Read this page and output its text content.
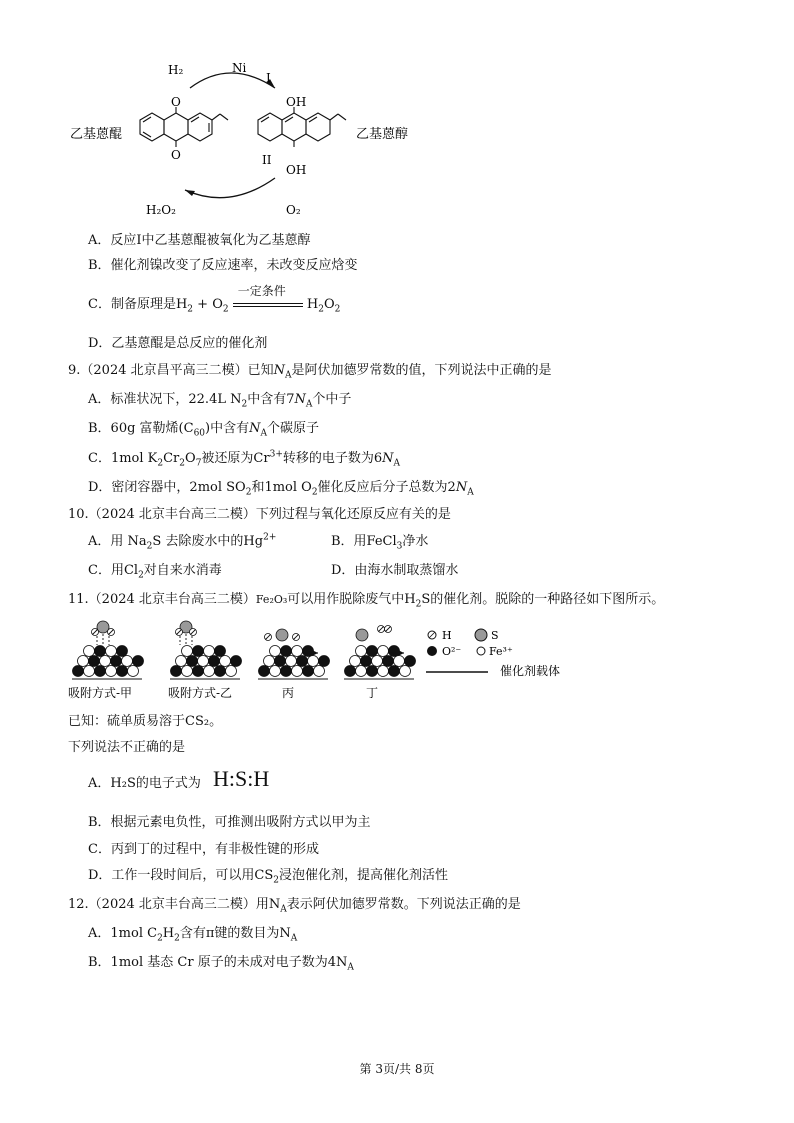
H₂	Ni
I
O
O
乙基蒽醌
OH
OH
II
乙基蒽醇
H₂O₂	O₂
A．反应I中乙基蒽醌被氧化为乙基蒽醇
B．催化剂镍改变了反应速率，未改变反应焓变
C．制备原理是$H_2 + O_2$
一定条件
$H_2O_2$
D．乙基蒽醌是总反应的催化剂
9.（2024 北京昌平高三二模）已知$N_A$是阿伏加德罗常数的值，下列说法中正确的是
A．标准状况下，22.4L $N_2$中含有$7N_A$个中子
B．60g 富勒烯$(C_{60})$中含有$N_A$个碳原子
C．1mol $K_2Cr_2O_7$被还原为$Cr^{3+}$转移的电子数为$6N_A$
D．密闭容器中，2mol $SO_2$和1mol $O_2$催化反应后分子总数为$2N_A$
10.（2024 北京丰台高三二模）下列过程与氧化还原反应有关的是
A．用 $Na_2S$ 去除废水中的$Hg^{2+}$	B．用FeCl$_3$净水
C．用$Cl_2$对自来水消毒	D．由海水制取蒸馏水
11.（2024 北京丰台高三二模）Fe₂O₃可以用作脱除废气中$H_2S$的催化剂。脱除的一种路径如下图所示。
吸附方式-甲	吸附方式-乙	丙	丁
H	S
O²⁻	Fe³⁺
催化剂载体
已知：硫单质易溶于CS₂。
下列说法不正确的是
A．H₂S的电子式为 H:S:H
B．根据元素电负性，可推测出吸附方式以甲为主
C．丙到丁的过程中，有非极性键的形成
D．工作一段时间后，可以用$CS_2$浸泡催化剂，提高催化剂活性
12.（2024 北京丰台高三二模）用$N_A$表示阿伏加德罗常数。下列说法正确的是
A．1mol $C_2H_2$含有π键的数目为$N_A$
B．1mol 基态 Cr 原子的未成对电子数为$4N_A$
第 3页/共 8页
